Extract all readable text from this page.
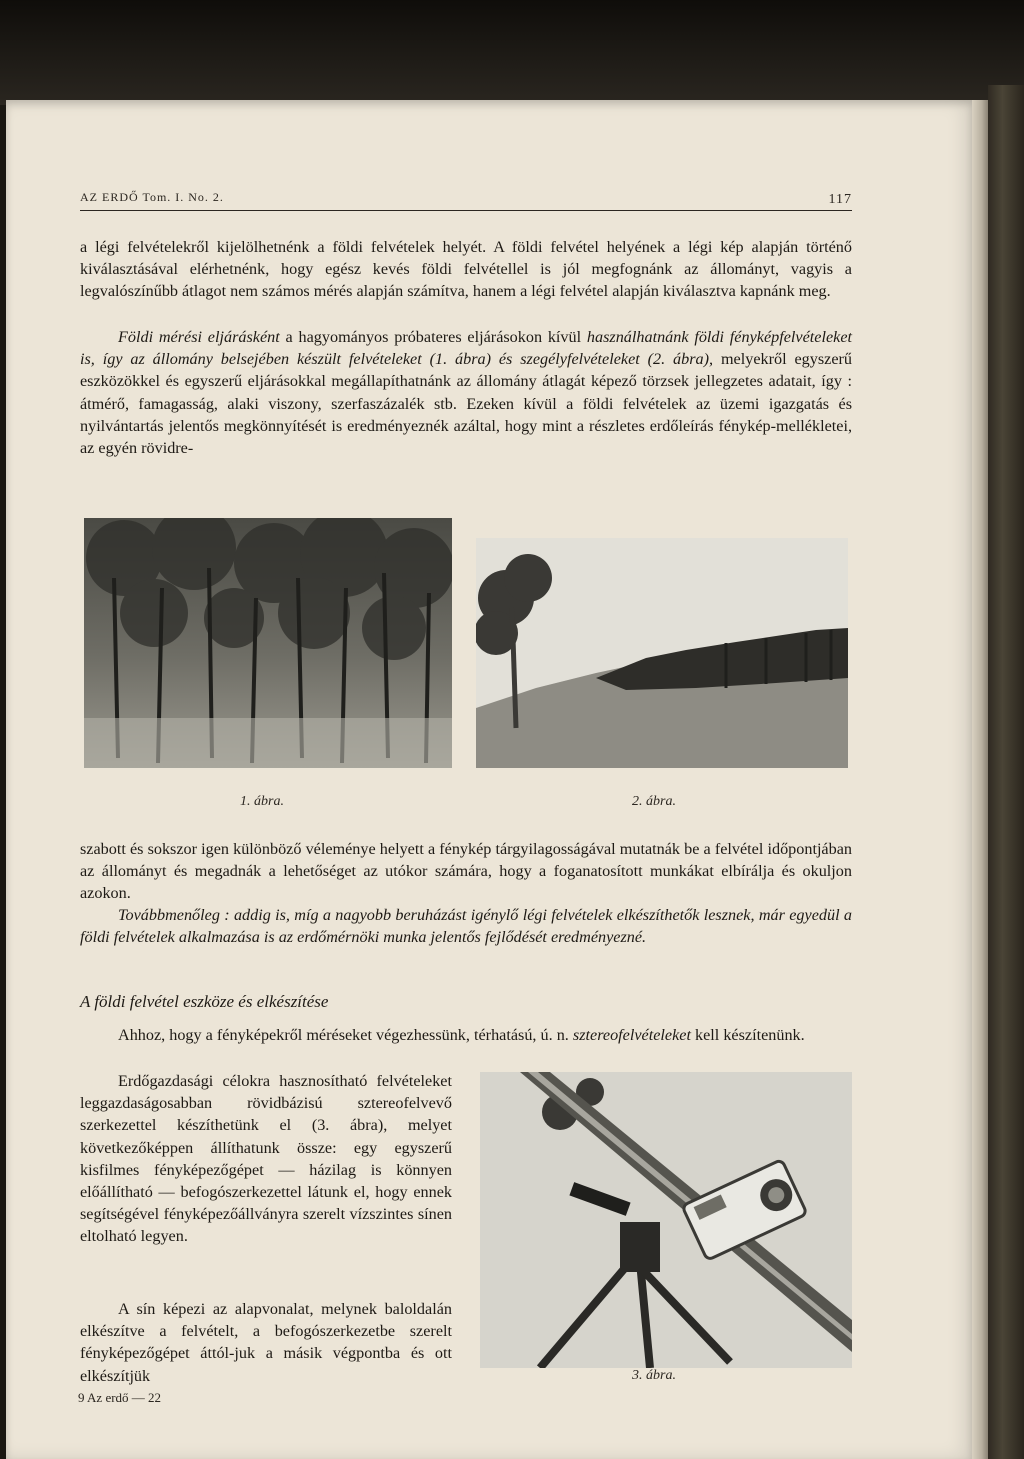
AZ ERDŐ Tom. I. No. 2.	117

a légi felvételekről kijelölhetnénk a földi felvételek helyét. A földi felvétel helyének a légi kép alapján történő kiválasztásával elérhetnénk, hogy egész kevés földi felvétellel is jól megfognánk az állományt, vagyis a legvalószínűbb átlagot nem számos mérés alapján számítva, hanem a légi felvétel alapján kiválasztva kapnánk meg.

Földi mérési eljárásként a hagyományos próbateres eljárásokon kívül használhatnánk földi fényképfelvételeket is, így az állomány belsejében készült felvételeket (1. ábra) és szegélyfelvételeket (2. ábra), melyekről egyszerű eszközökkel és egyszerű eljárásokkal megállapíthatnánk az állomány átlagát képező törzsek jellegzetes adatait, így : átmérő, famagasság, alaki viszony, szerfaszázalék stb. Ezeken kívül a földi felvételek az üzemi igazgatás és nyilvántartás jelentős megkönnyítését is eredményeznék azáltal, hogy mint a részletes erdőleírás fénykép-mellékletei, az egyén rövidre-

1. ábra.	2. ábra.

szabott és sokszor igen különböző véleménye helyett a fénykép tárgyilagosságával mutatnák be a felvétel időpontjában az állományt és megadnák a lehetőséget az utókor számára, hogy a foganatosított munkákat elbírálja és okuljon azokon.

Továbbmenőleg : addig is, míg a nagyobb beruházást igénylő légi felvételek elkészíthetők lesznek, már egyedül a földi felvételek alkalmazása is az erdőmérnöki munka jelentős fejlődését eredményezné.

A földi felvétel eszköze és elkészítése

Ahhoz, hogy a fényképekről méréseket végezhessünk, térhatású, ú. n. sztereofelvételeket kell készítenünk.

Erdőgazdasági célokra hasznosítható felvételeket leggazdaságosabban rövidbázisú sztereofelvevő szerkezettel készíthetünk el (3. ábra), melyet következőképpen állíthatunk össze: egy egyszerű kisfilmes fényképezőgépet — házilag is könnyen előállítható — befogószerkezettel látunk el, hogy ennek segítségével fényképezőállványra szerelt vízszintes sínen eltolható legyen.

A sín képezi az alapvonalat, melynek baloldalán elkészítve a felvételt, a befogószerkezetbe szerelt fényképezőgépet áttól-juk a másik végpontba és ott elkészítjük	3. ábra.

9 Az erdő — 22
